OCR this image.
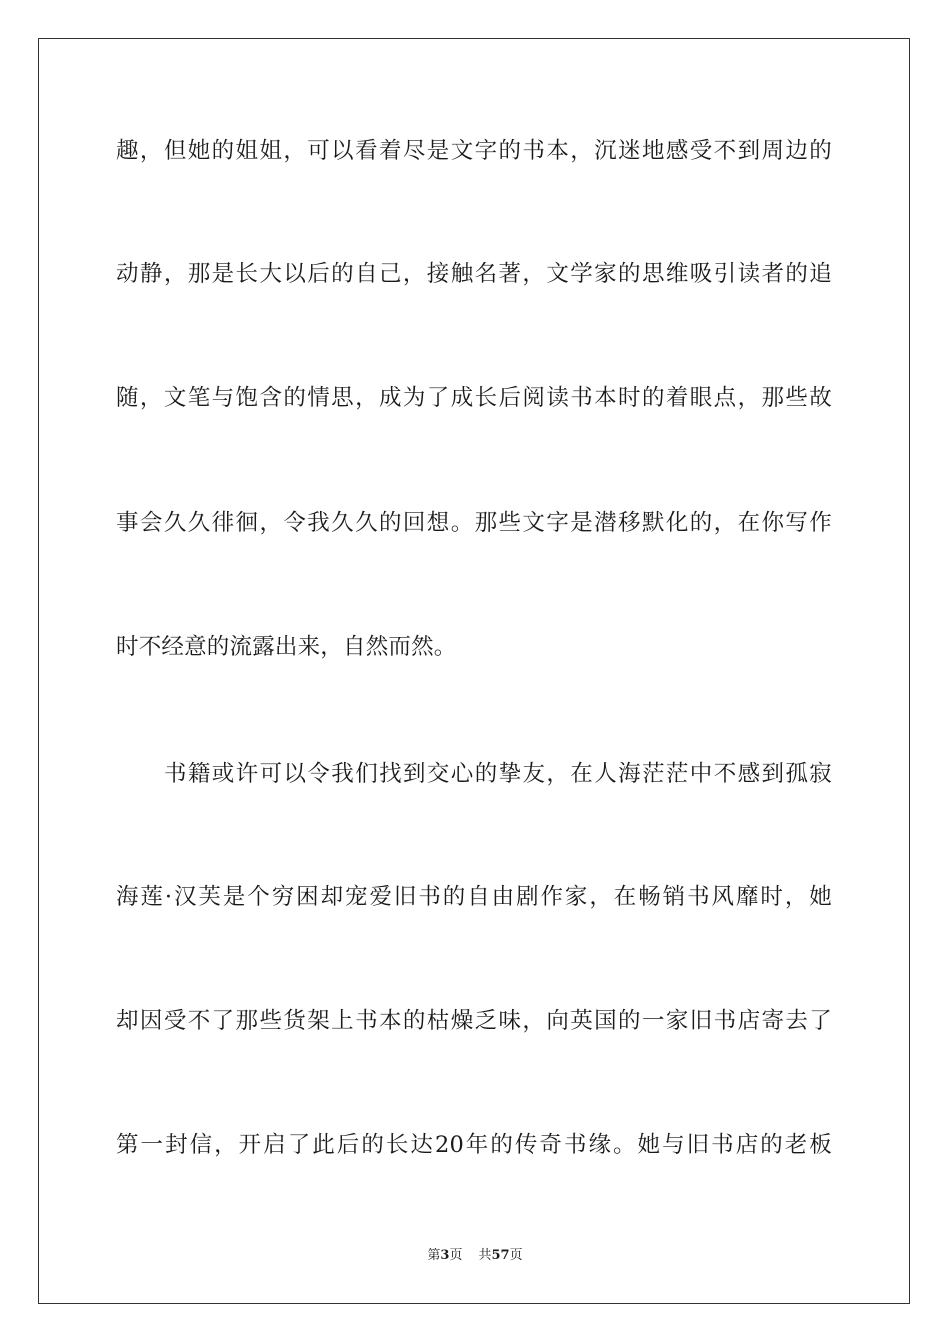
趣，但她的姐姐，可以看着尽是文字的书本，沉迷地感受不到周边的
动静，那是长大以后的自己，接触名著，文学家的思维吸引读者的追
随，文笔与饱含的情思，成为了成长后阅读书本时的着眼点，那些故
事会久久徘徊，令我久久的回想。那些文字是潜移默化的，在你写作
时不经意的流露出来，自然而然。
书籍或许可以令我们找到交心的挚友，在人海茫茫中不感到孤寂
海莲·汉芙是个穷困却宠爱旧书的自由剧作家，在畅销书风靡时，她
却因受不了那些货架上书本的枯燥乏味，向英国的一家旧书店寄去了
第一封信，开启了此后的长达20年的传奇书缘。她与旧书店的老板
第3页 共57页
